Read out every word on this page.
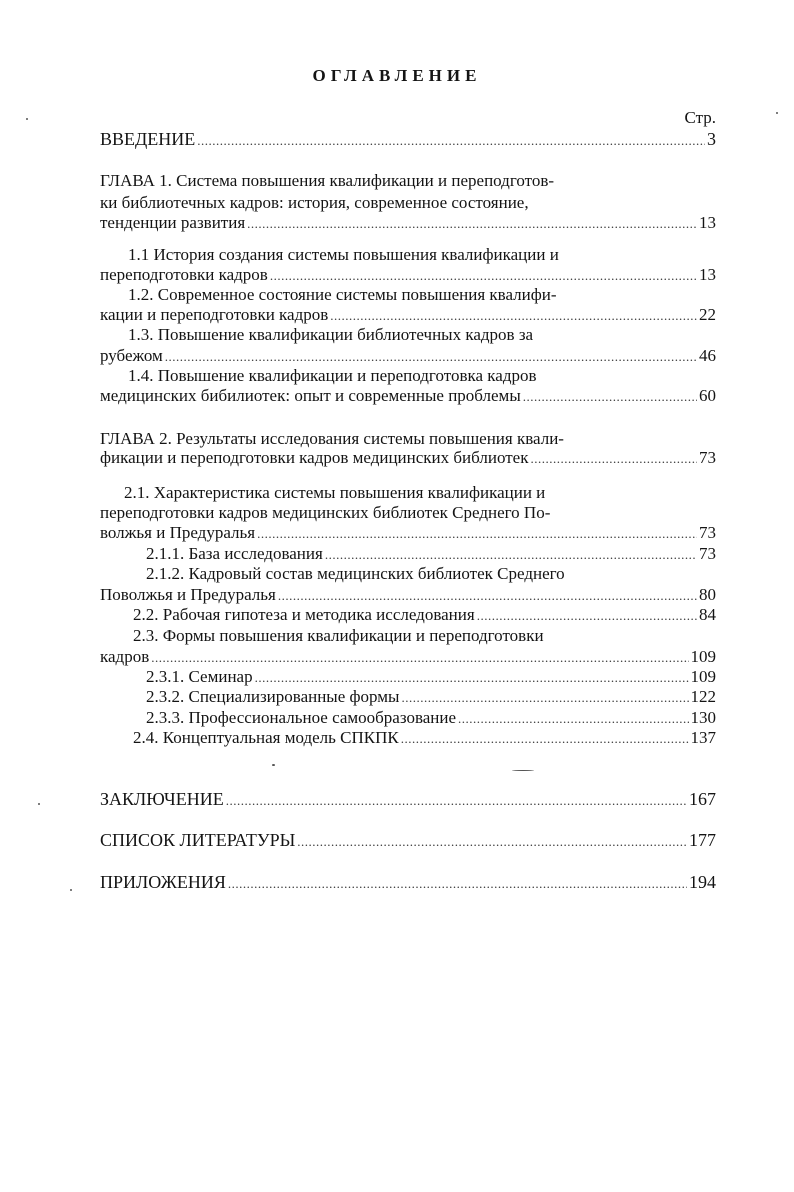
ОГЛАВЛЕНИЕ
Стр.
ВВЕДЕНИЕ .....	3
ГЛАВА 1. Система повышения квалификации и переподготов-
ки библиотечных кадров: история, современное состояние,
тенденции развития .....	13
1.1 История создания системы повышения квалификации и
переподготовки кадров .....	13
1.2. Современное состояние системы повышения квалифи-
кации и переподготовки кадров .....	22
1.3. Повышение квалификации библиотечных кадров за
рубежом .....	46
1.4. Повышение квалификации и переподготовка кадров
медицинских бибилиотек: опыт и современные проблемы .....	60
ГЛАВА 2. Результаты исследования системы повышения квали-
фикации и переподготовки кадров медицинских библиотек .....	73
2.1. Характеристика системы повышения квалификации и
переподготовки кадров медицинских библиотек Среднего По-
волжья и Предуралья .....	73
2.1.1. База исследования .....	73
2.1.2. Кадровый состав медицинских библиотек Среднего
Поволжья и Предуралья .....	80
2.2. Рабочая гипотеза и методика исследования .....	84
2.3. Формы повышения квалификации и переподготовки
кадров .....	109
2.3.1. Семинар .....	109
2.3.2. Специализированные формы .....	122
2.3.3. Профессиональное самообразование .....	130
2.4. Концептуальная модель СПКПК .....	137
ЗАКЛЮЧЕНИЕ .....	167
СПИСОК ЛИТЕРАТУРЫ .....	177
ПРИЛОЖЕНИЯ .....	194
